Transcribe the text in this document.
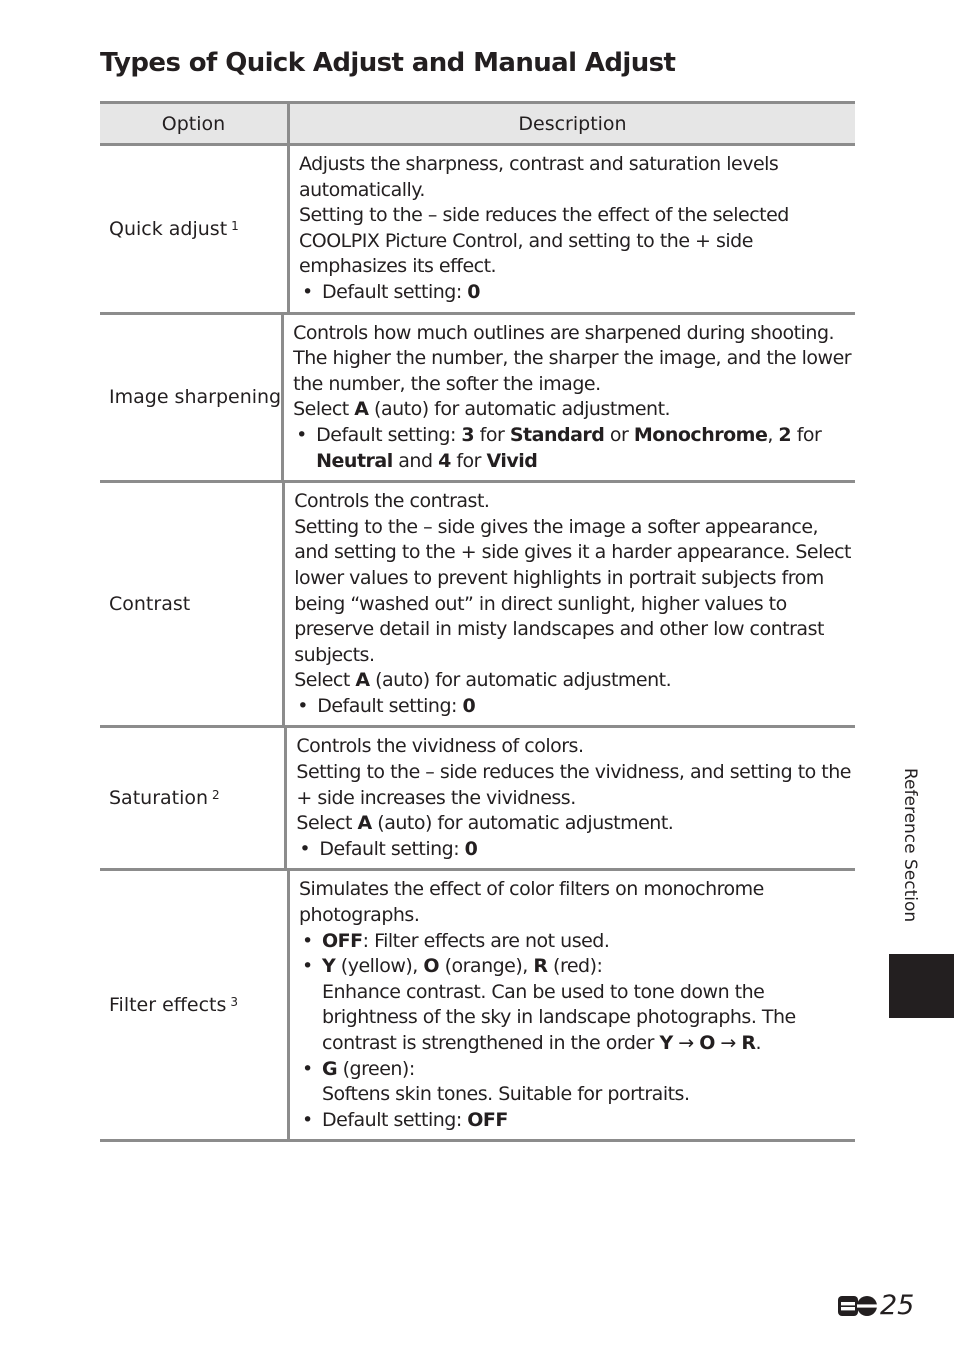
Types of Quick Adjust and Manual Adjust
Option	Description
Quick adjust $^1$
Adjusts the sharpness, contrast and saturation levels
automatically.
Setting to the – side reduces the effect of the selected
COOLPIX Picture Control, and setting to the + side
emphasizes its effect.
• Default setting: 0
Image sharpening
Controls how much outlines are sharpened during shooting.
The higher the number, the sharper the image, and the lower
the number, the softer the image.
Select A (auto) for automatic adjustment.
• Default setting: 3 for Standard or Monochrome, 2 for
Neutral and 4 for Vivid
Contrast
Controls the contrast.
Setting to the – side gives the image a softer appearance,
and setting to the + side gives it a harder appearance. Select
lower values to prevent highlights in portrait subjects from
being “washed out” in direct sunlight, higher values to
preserve detail in misty landscapes and other low contrast
subjects.
Select A (auto) for automatic adjustment.
• Default setting: 0
Saturation $^2$
Controls the vividness of colors.
Setting to the – side reduces the vividness, and setting to the
+ side increases the vividness.
Select A (auto) for automatic adjustment.
• Default setting: 0
Filter effects $^3$
Simulates the effect of color filters on monochrome
photographs.
• OFF: Filter effects are not used.
• Y (yellow), O (orange), R (red):
Enhance contrast. Can be used to tone down the
brightness of the sky in landscape photographs. The
contrast is strengthened in the order Y → O → R.
• G (green):
Softens skin tones. Suitable for portraits.
• Default setting: OFF
Reference Section
25
